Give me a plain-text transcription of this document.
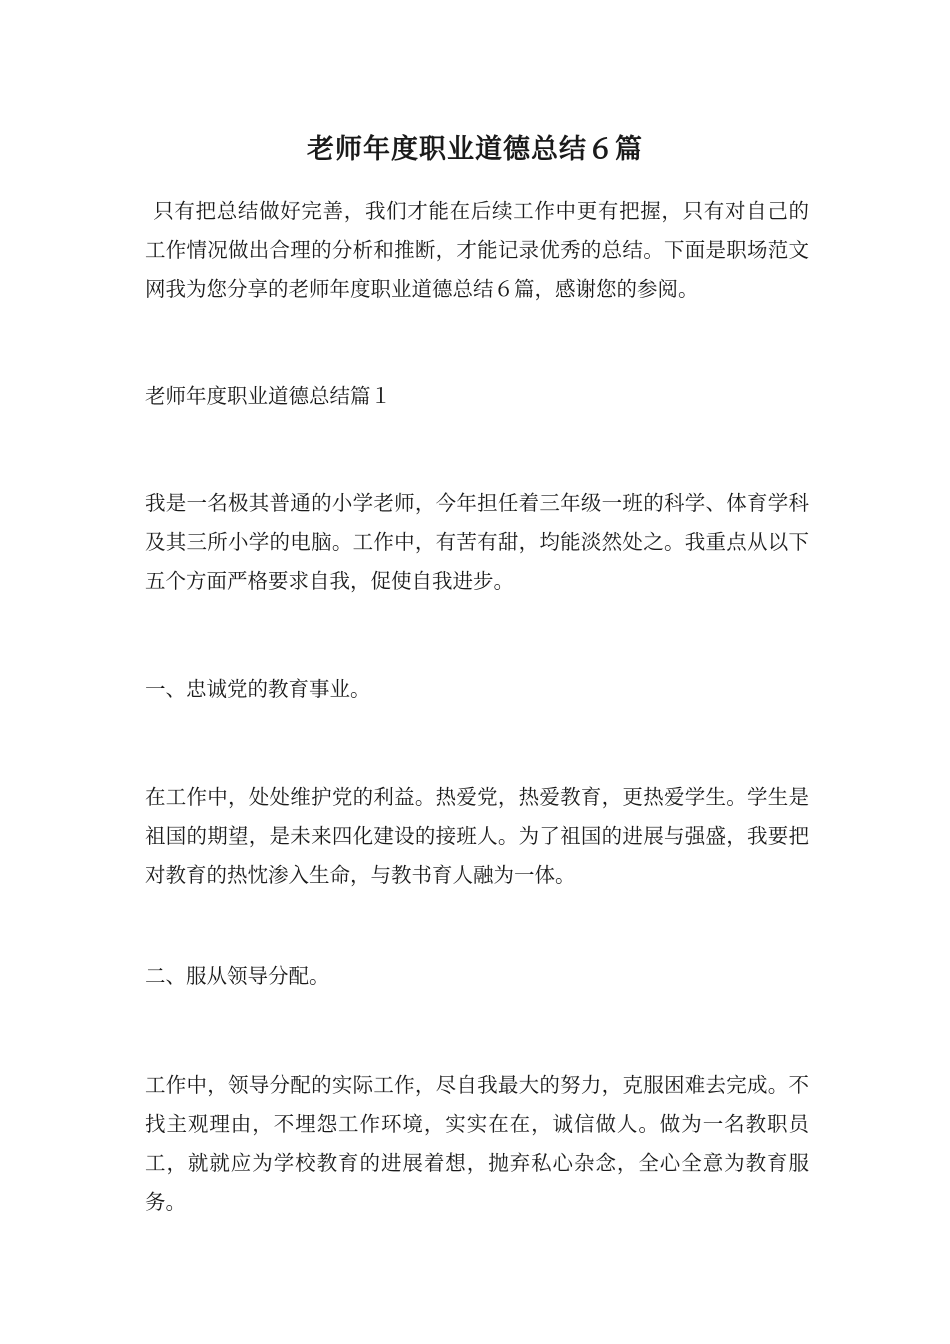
老师年度职业道德总结６篇

只有把总结做好完善，我们才能在后续工作中更有把握，只有对自己的工作情况做出合理的分析和推断，才能记录优秀的总结。下面是职场范文网我为您分享的老师年度职业道德总结６篇，感谢您的参阅。

老师年度职业道德总结篇１

我是一名极其普通的小学老师，今年担任着三年级一班的科学、体育学科及其三所小学的电脑。工作中，有苦有甜，均能淡然处之。我重点从以下五个方面严格要求自我，促使自我进步。

一、忠诚党的教育事业。

在工作中，处处维护党的利益。热爱党，热爱教育，更热爱学生。学生是祖国的期望，是未来四化建设的接班人。为了祖国的进展与强盛，我要把对教育的热忱渗入生命，与教书育人融为一体。

二、服从领导分配。

工作中，领导分配的实际工作，尽自我最大的努力，克服困难去完成。不找主观理由，不埋怨工作环境，实实在在，诚信做人。做为一名教职员工，就就应为学校教育的进展着想，抛弃私心杂念，全心全意为教育服务。
